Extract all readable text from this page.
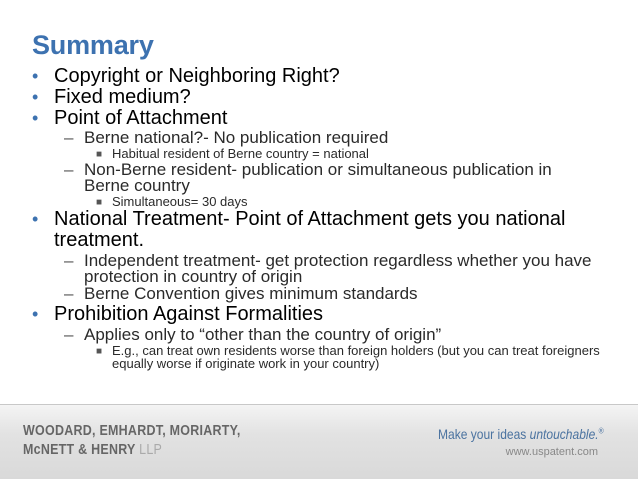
Summary
• Copyright or Neighboring Right?
• Fixed medium?
• Point of Attachment
– Berne national?- No publication required
■ Habitual resident of Berne country = national
– Non-Berne resident- publication or simultaneous publication in Berne country
■ Simultaneous= 30 days
• National Treatment- Point of Attachment gets you national treatment.
– Independent treatment- get protection regardless whether you have protection in country of origin
– Berne Convention gives minimum standards
• Prohibition Against Formalities
– Applies only to “other than the country of origin”
■ E.g., can treat own residents worse than foreign holders (but you can treat foreigners equally worse if originate work in your country)
WOODARD, EMHARDT, MORIARTY,
McNETT & HENRY LLP
Make your ideas untouchable.®
www.uspatent.com
